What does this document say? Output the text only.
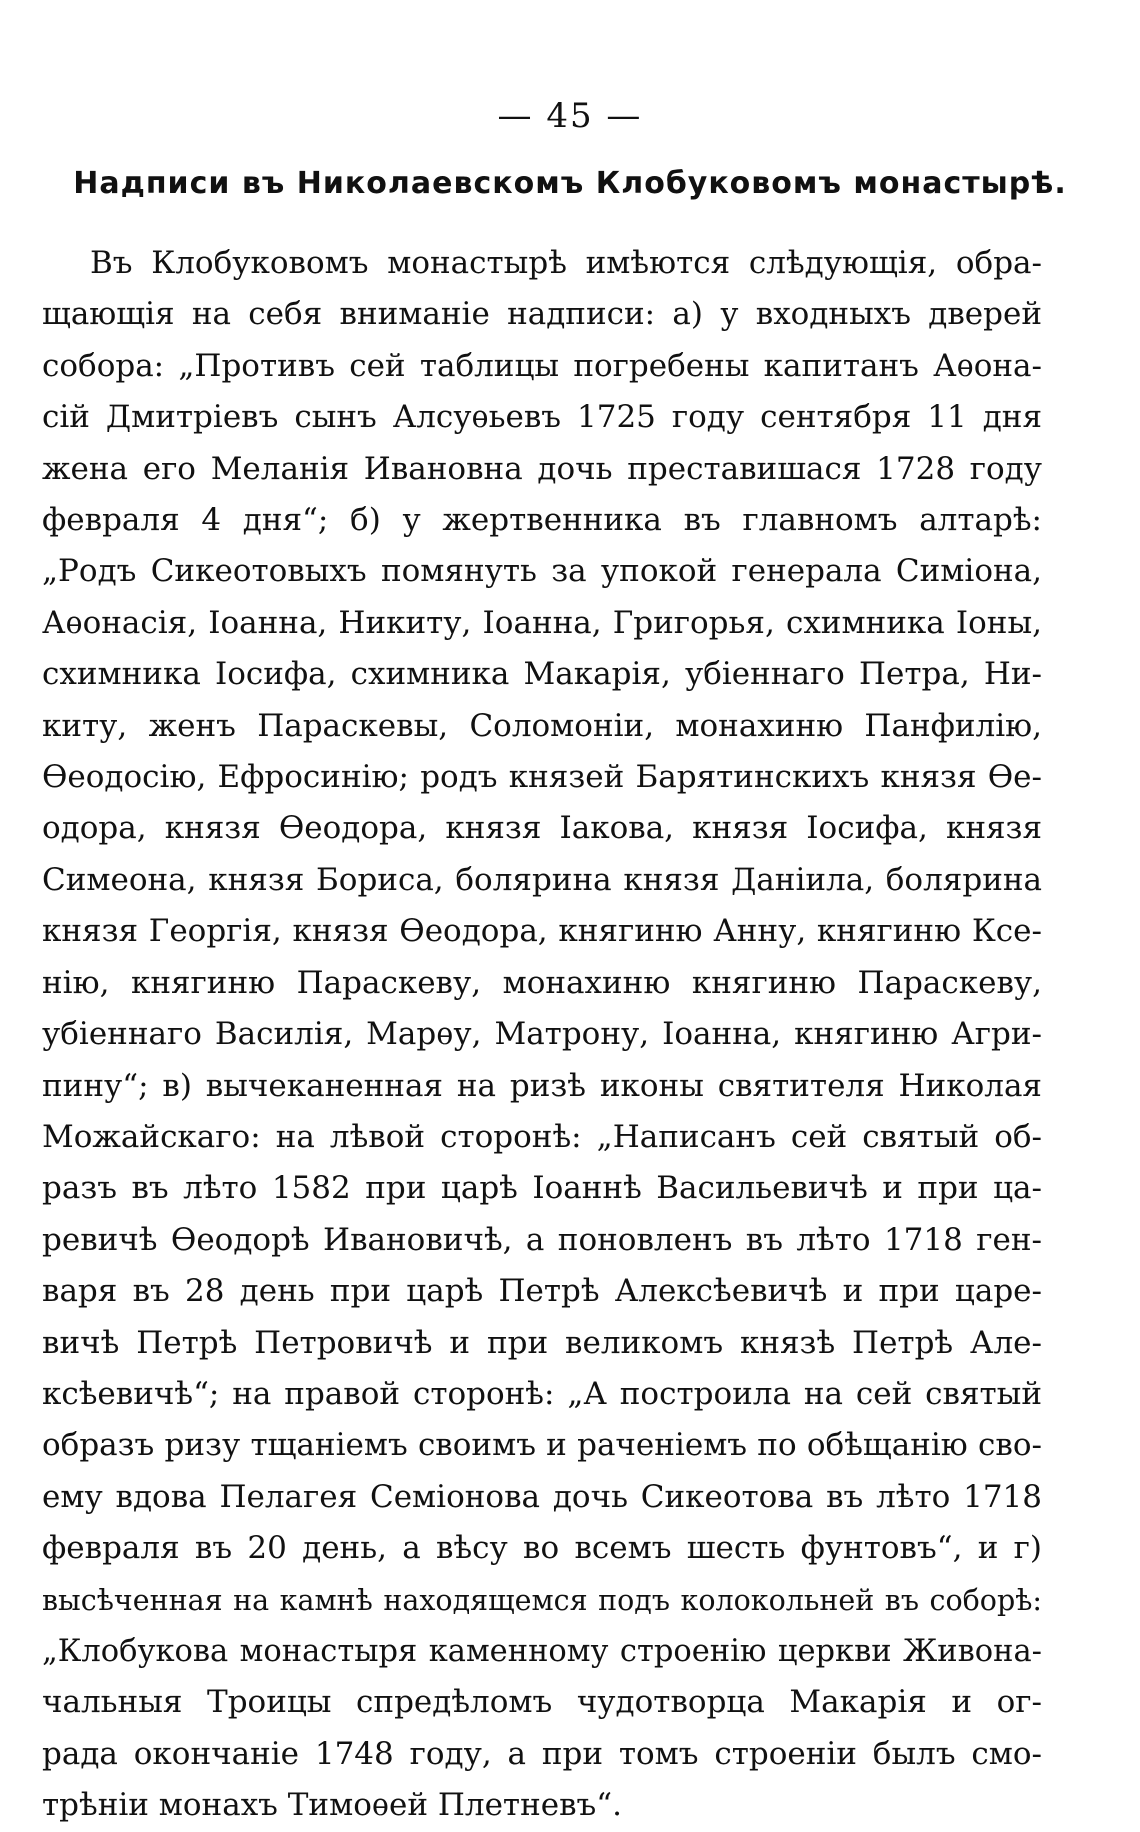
— 45 —
Надписи въ Николаевскомъ Клобуковомъ монастырѣ.
Въ Клобуковомъ монастырѣ имѣются слѣдующія, обра-
щающія на себя вниманіе надписи: а) у входныхъ дверей
собора: „Противъ сей таблицы погребены капитанъ Аѳона-
сій Дмитріевъ сынъ Алсуѳьевъ 1725 году сентября 11 дня
жена его Меланія Ивановна дочь преставишася 1728 году
февраля 4 дня“; б) у жертвенника въ главномъ алтарѣ:
„Родъ Сикеотовыхъ помянуть за упокой генерала Симіона,
Аѳонасія, Іоанна, Никиту, Іоанна, Григорья, схимника Іоны,
схимника Іосифа, схимника Макарія, убіеннаго Петра, Ни-
киту, женъ Параскевы, Соломоніи, монахиню Панфилію,
Ѳеодосію, Ефросинію; родъ князей Барятинскихъ князя Ѳе-
одора, князя Ѳеодора, князя Іакова, князя Іосифа, князя
Симеона, князя Бориса, болярина князя Даніила, болярина
князя Георгія, князя Ѳеодора, княгиню Анну, княгиню Ксе-
нію, княгиню Параскеву, монахиню княгиню Параскеву,
убіеннаго Василія, Марѳу, Матрону, Іоанна, княгиню Агри-
пину“; в) вычеканенная на ризѣ иконы святителя Николая
Можайскаго: на лѣвой сторонѣ: „Написанъ сей святый об-
разъ въ лѣто 1582 при царѣ Іоаннѣ Васильевичѣ и при ца-
ревичѣ Ѳеодорѣ Ивановичѣ, а поновленъ въ лѣто 1718 ген-
варя въ 28 день при царѣ Петрѣ Алексѣевичѣ и при царе-
вичѣ Петрѣ Петровичѣ и при великомъ князѣ Петрѣ Але-
ксѣевичѣ“; на правой сторонѣ: „А построила на сей святый
образъ ризу тщаніемъ своимъ и раченіемъ по обѣщанію сво-
ему вдова Пелагея Семіонова дочь Сикеотова въ лѣто 1718
февраля въ 20 день, а вѣсу во всемъ шесть фунтовъ“, и г)
высѣченная на камнѣ находящемся подъ колокольней въ соборѣ:
„Клобукова монастыря каменному строенію церкви Живона-
чальныя Троицы спредѣломъ чудотворца Макарія и ог-
рада окончаніе 1748 году, а при томъ строеніи былъ смо-
трѣніи монахъ Тимоѳей Плетневъ“.
